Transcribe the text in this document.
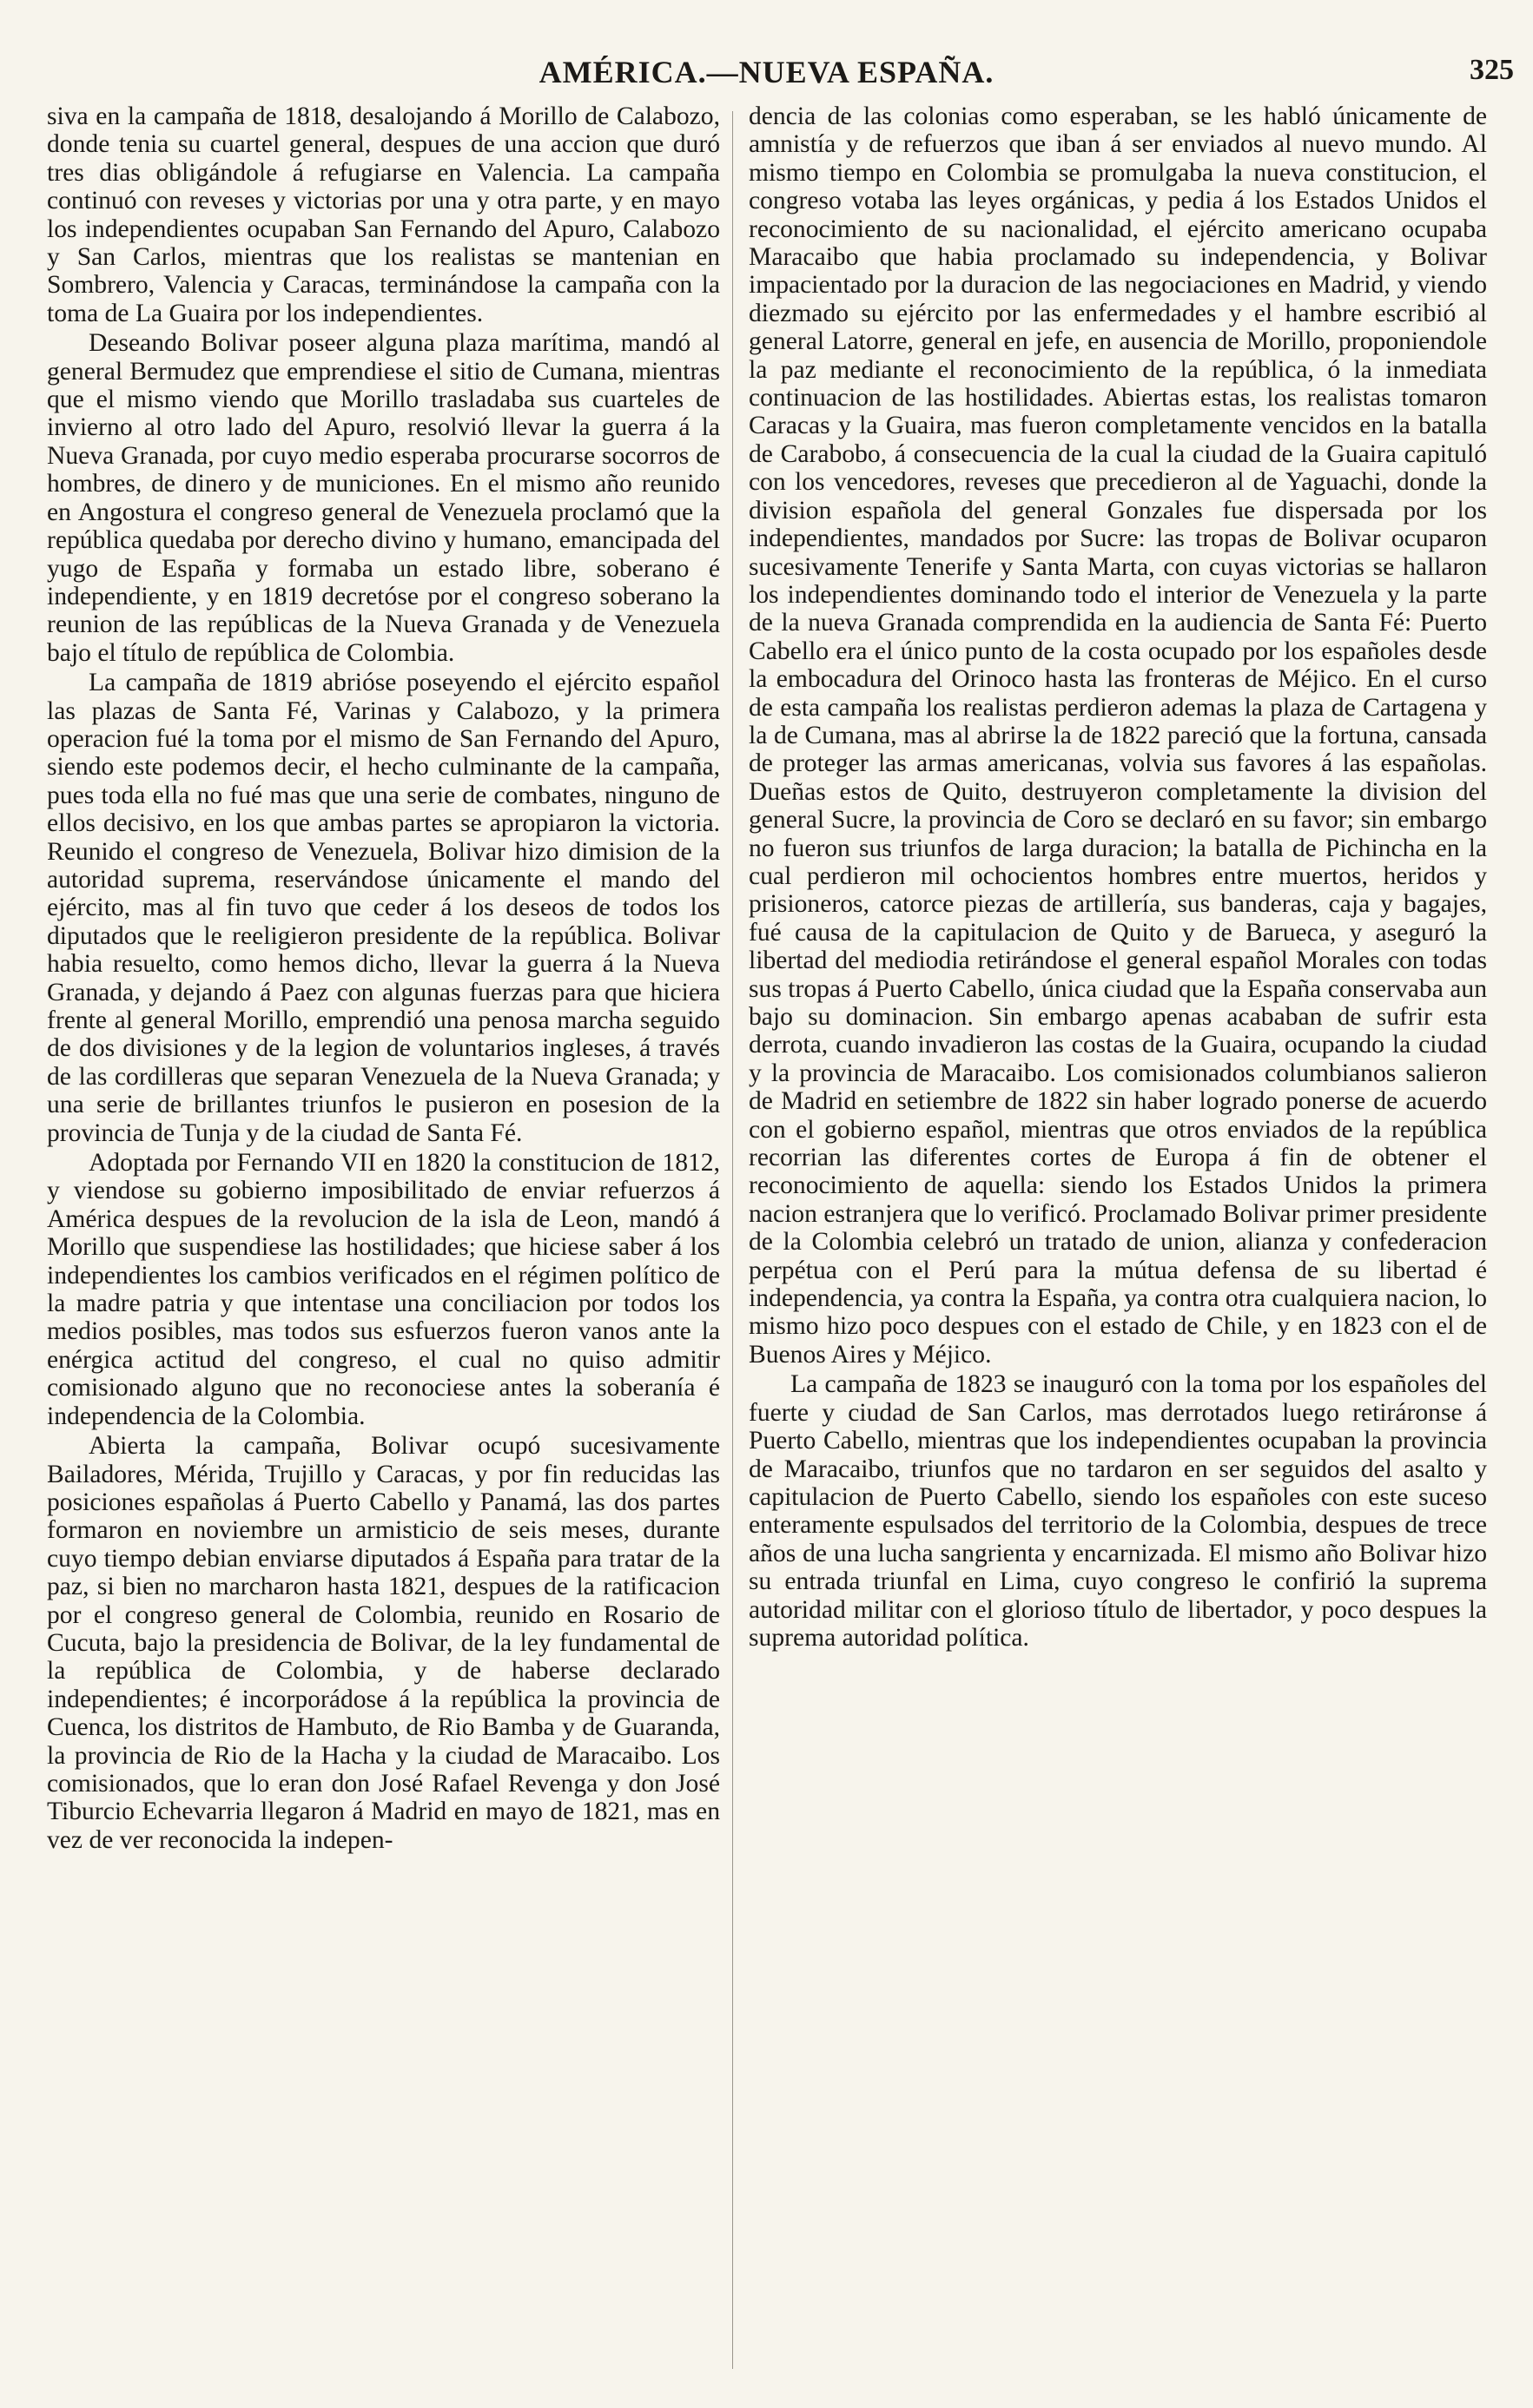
AMÉRICA.—NUEVA ESPAÑA.	325

siva en la campaña de 1818, desalojando á Morillo de Calabozo, donde tenia su cuartel general, despues de una accion que duró tres dias obligándole á refugiarse en Valencia. La campaña continuó con reveses y victorias por una y otra parte, y en mayo los independientes ocupaban San Fernando del Apuro, Calabozo y San Carlos, mientras que los realistas se mantenian en Sombrero, Valencia y Caracas, terminándose la campaña con la toma de La Guaira por los independientes.

Deseando Bolivar poseer alguna plaza marítima, mandó al general Bermudez que emprendiese el sitio de Cumana, mientras que el mismo viendo que Morillo trasladaba sus cuarteles de invierno al otro lado del Apuro, resolvió llevar la guerra á la Nueva Granada, por cuyo medio esperaba procurarse socorros de hombres, de dinero y de municiones. En el mismo año reunido en Angostura el congreso general de Venezuela proclamó que la república quedaba por derecho divino y humano, emancipada del yugo de España y formaba un estado libre, soberano é independiente, y en 1819 decretóse por el congreso soberano la reunion de las repúblicas de la Nueva Granada y de Venezuela bajo el título de república de Colombia.

La campaña de 1819 abrióse poseyendo el ejército español las plazas de Santa Fé, Varinas y Calabozo, y la primera operacion fué la toma por el mismo de San Fernando del Apuro, siendo este podemos decir, el hecho culminante de la campaña, pues toda ella no fué mas que una serie de combates, ninguno de ellos decisivo, en los que ambas partes se apropiaron la victoria. Reunido el congreso de Venezuela, Bolivar hizo dimision de la autoridad suprema, reservándose únicamente el mando del ejército, mas al fin tuvo que ceder á los deseos de todos los diputados que le reeligieron presidente de la república. Bolivar habia resuelto, como hemos dicho, llevar la guerra á la Nueva Granada, y dejando á Paez con algunas fuerzas para que hiciera frente al general Morillo, emprendió una penosa marcha seguido de dos divisiones y de la legion de voluntarios ingleses, á través de las cordilleras que separan Venezuela de la Nueva Granada; y una serie de brillantes triunfos le pusieron en posesion de la provincia de Tunja y de la ciudad de Santa Fé.

Adoptada por Fernando VII en 1820 la constitucion de 1812, y viendose su gobierno imposibilitado de enviar refuerzos á América despues de la revolucion de la isla de Leon, mandó á Morillo que suspendiese las hostilidades; que hiciese saber á los independientes los cambios verificados en el régimen político de la madre patria y que intentase una conciliacion por todos los medios posibles, mas todos sus esfuerzos fueron vanos ante la enérgica actitud del congreso, el cual no quiso admitir comisionado alguno que no reconociese antes la soberanía é independencia de la Colombia.

Abierta la campaña, Bolivar ocupó sucesivamente Bailadores, Mérida, Trujillo y Caracas, y por fin reducidas las posiciones españolas á Puerto Cabello y Panamá, las dos partes formaron en noviembre un armisticio de seis meses, durante cuyo tiempo debian enviarse diputados á España para tratar de la paz, si bien no marcharon hasta 1821, despues de la ratificacion por el congreso general de Colombia, reunido en Rosario de Cucuta, bajo la presidencia de Bolivar, de la ley fundamental de la república de Colombia, y de haberse declarado independientes; é incorporádose á la república la provincia de Cuenca, los distritos de Hambuto, de Rio Bamba y de Guaranda, la provincia de Rio de la Hacha y la ciudad de Maracaibo. Los comisionados, que lo eran don José Rafael Revenga y don José Tiburcio Echevarria llegaron á Madrid en mayo de 1821, mas en vez de ver reconocida la indepen-

dencia de las colonias como esperaban, se les habló únicamente de amnistía y de refuerzos que iban á ser enviados al nuevo mundo. Al mismo tiempo en Colombia se promulgaba la nueva constitucion, el congreso votaba las leyes orgánicas, y pedia á los Estados Unidos el reconocimiento de su nacionalidad, el ejército americano ocupaba Maracaibo que habia proclamado su independencia, y Bolivar impacientado por la duracion de las negociaciones en Madrid, y viendo diezmado su ejército por las enfermedades y el hambre escribió al general Latorre, general en jefe, en ausencia de Morillo, proponiendole la paz mediante el reconocimiento de la república, ó la inmediata continuacion de las hostilidades. Abiertas estas, los realistas tomaron Caracas y la Guaira, mas fueron completamente vencidos en la batalla de Carabobo, á consecuencia de la cual la ciudad de la Guaira capituló con los vencedores, reveses que precedieron al de Yaguachi, donde la division española del general Gonzales fue dispersada por los independientes, mandados por Sucre: las tropas de Bolivar ocuparon sucesivamente Tenerife y Santa Marta, con cuyas victorias se hallaron los independientes dominando todo el interior de Venezuela y la parte de la nueva Granada comprendida en la audiencia de Santa Fé: Puerto Cabello era el único punto de la costa ocupado por los españoles desde la embocadura del Orinoco hasta las fronteras de Méjico. En el curso de esta campaña los realistas perdieron ademas la plaza de Cartagena y la de Cumana, mas al abrirse la de 1822 pareció que la fortuna, cansada de proteger las armas americanas, volvia sus favores á las españolas. Dueñas estos de Quito, destruyeron completamente la division del general Sucre, la provincia de Coro se declaró en su favor; sin embargo no fueron sus triunfos de larga duracion; la batalla de Pichincha en la cual perdieron mil ochocientos hombres entre muertos, heridos y prisioneros, catorce piezas de artillería, sus banderas, caja y bagajes, fué causa de la capitulacion de Quito y de Barueca, y aseguró la libertad del mediodia retirándose el general español Morales con todas sus tropas á Puerto Cabello, única ciudad que la España conservaba aun bajo su dominacion. Sin embargo apenas acababan de sufrir esta derrota, cuando invadieron las costas de la Guaira, ocupando la ciudad y la provincia de Maracaibo. Los comisionados columbianos salieron de Madrid en setiembre de 1822 sin haber logrado ponerse de acuerdo con el gobierno español, mientras que otros enviados de la república recorrian las diferentes cortes de Europa á fin de obtener el reconocimiento de aquella: siendo los Estados Unidos la primera nacion estranjera que lo verificó. Proclamado Bolivar primer presidente de la Colombia celebró un tratado de union, alianza y confederacion perpétua con el Perú para la mútua defensa de su libertad é independencia, ya contra la España, ya contra otra cualquiera nacion, lo mismo hizo poco despues con el estado de Chile, y en 1823 con el de Buenos Aires y Méjico.

La campaña de 1823 se inauguró con la toma por los españoles del fuerte y ciudad de San Carlos, mas derrotados luego retiráronse á Puerto Cabello, mientras que los independientes ocupaban la provincia de Maracaibo, triunfos que no tardaron en ser seguidos del asalto y capitulacion de Puerto Cabello, siendo los españoles con este suceso enteramente espulsados del territorio de la Colombia, despues de trece años de una lucha sangrienta y encarnizada. El mismo año Bolivar hizo su entrada triunfal en Lima, cuyo congreso le confirió la suprema autoridad militar con el glorioso título de libertador, y poco despues la suprema autoridad política.
